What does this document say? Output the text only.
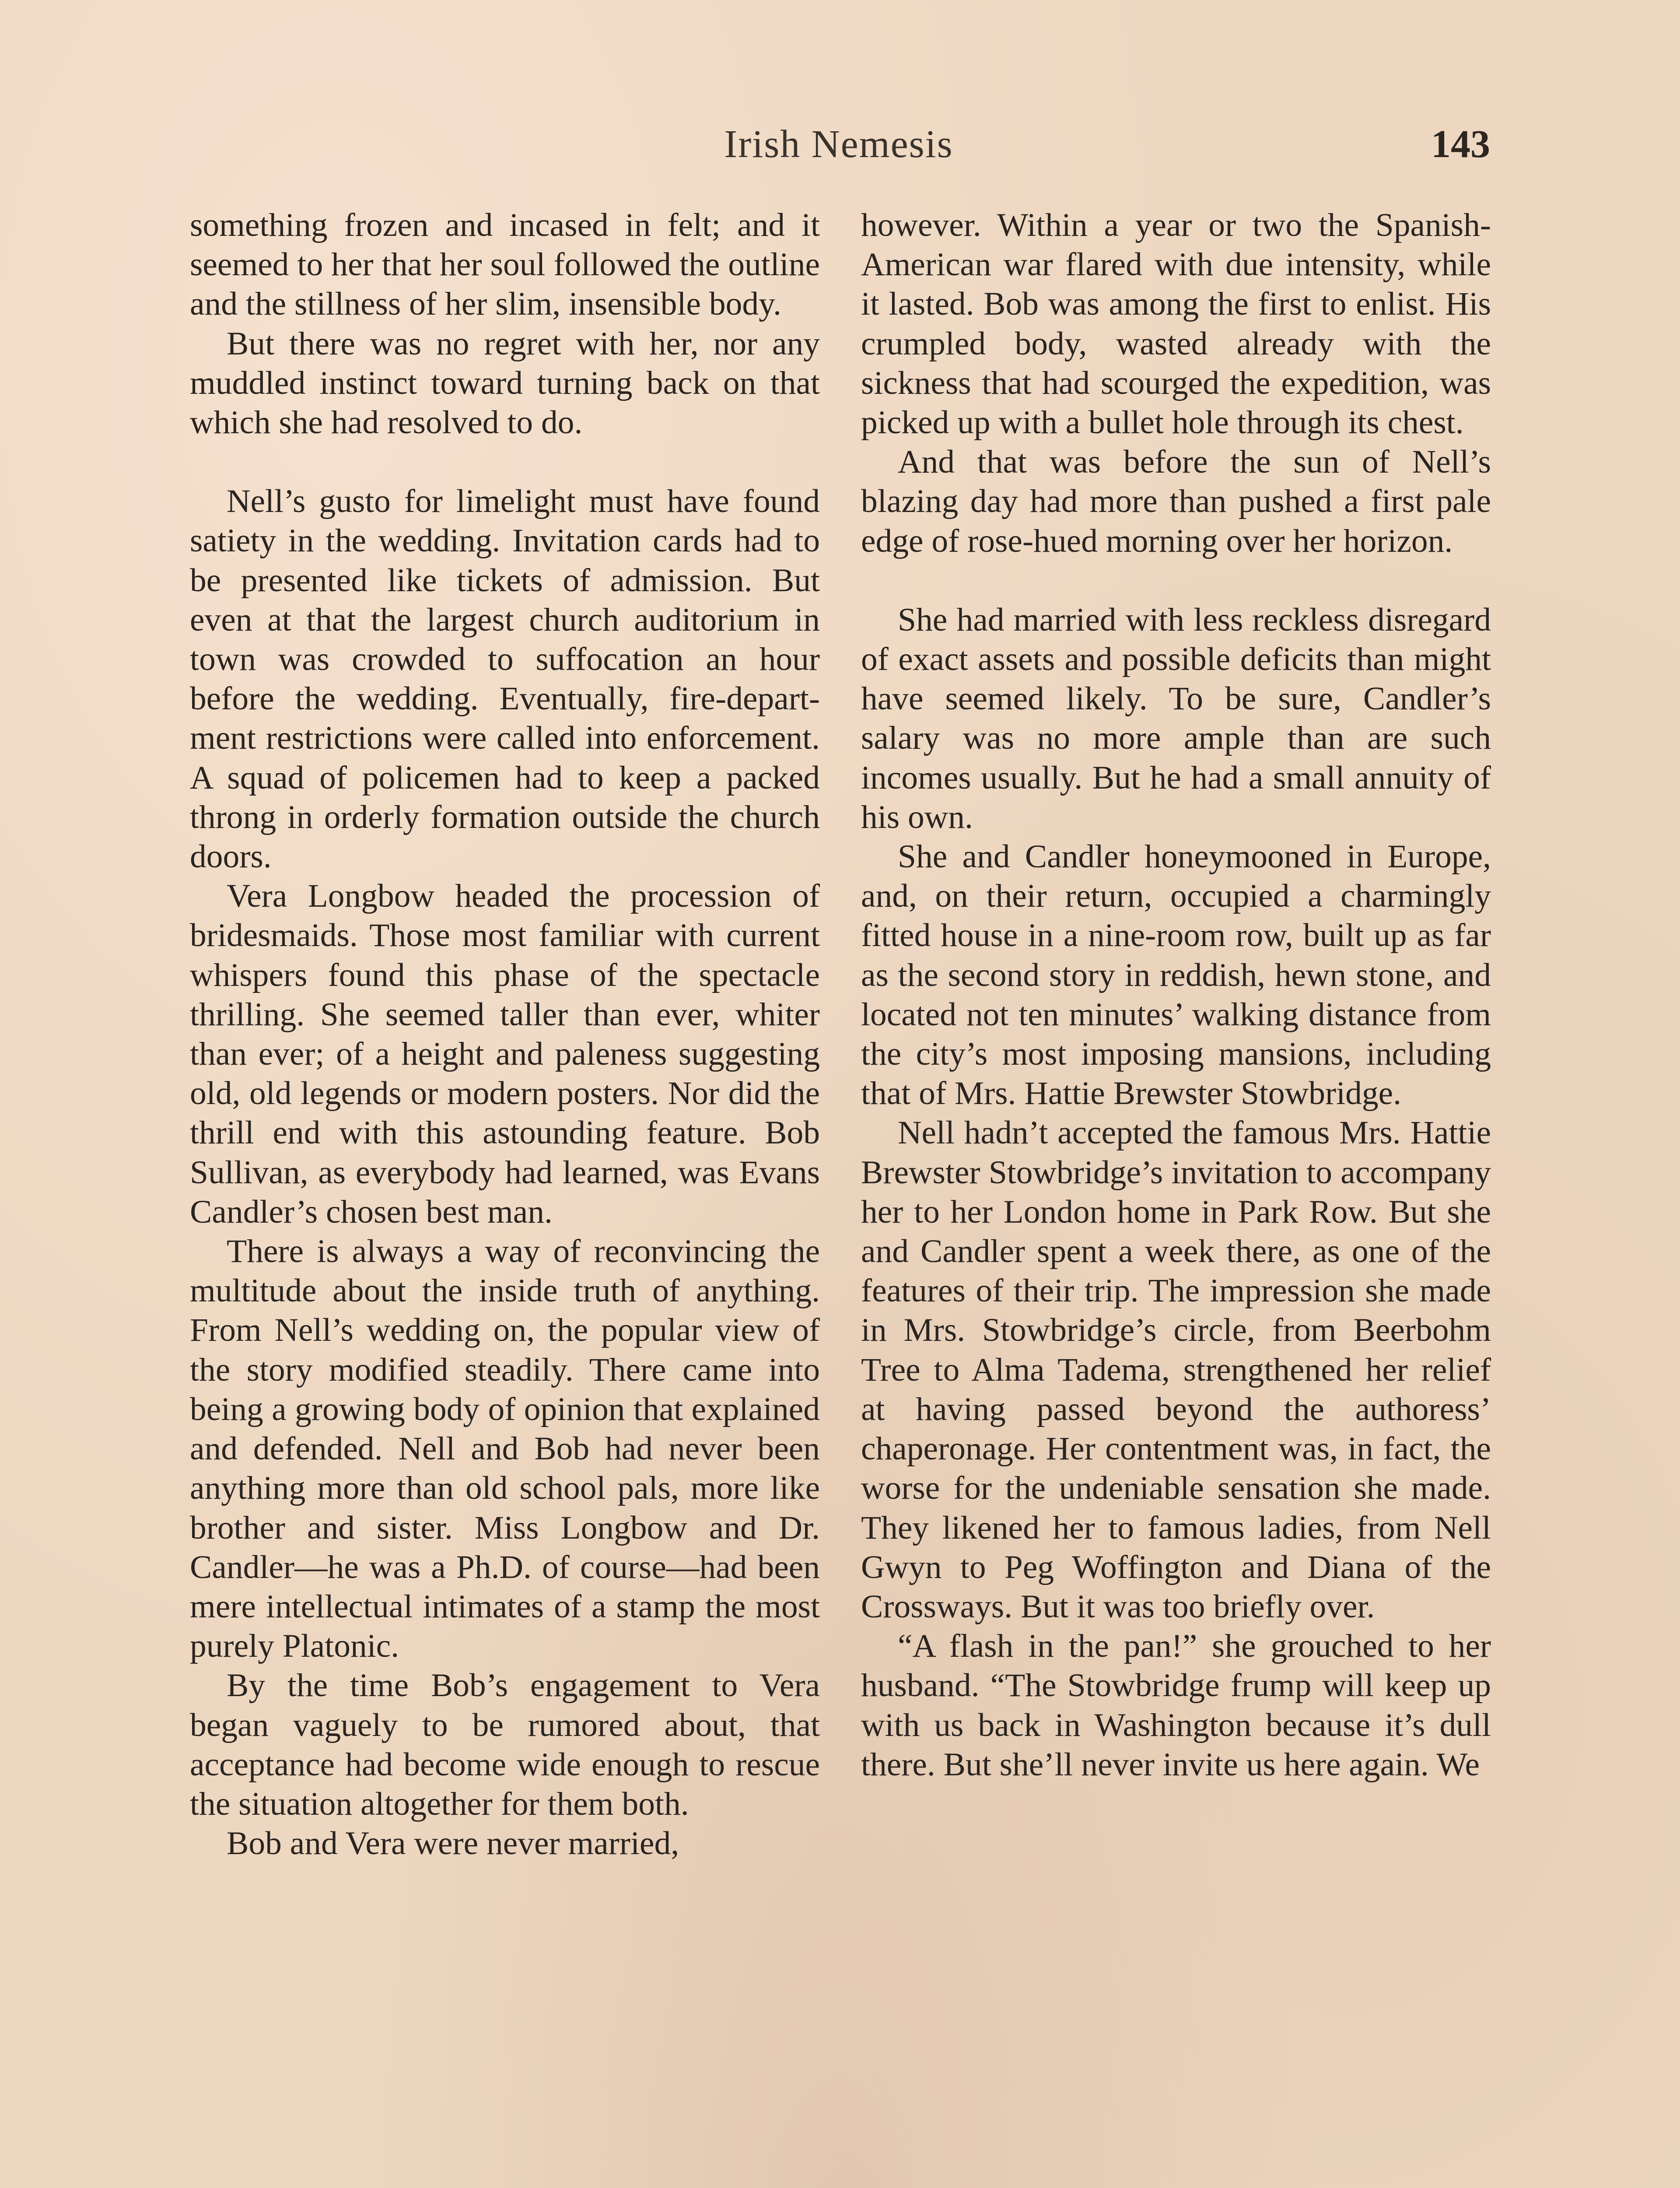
Irish Nemesis	143

something frozen and incased in felt; and it seemed to her that her soul followed the outline and the stillness of her slim, insensible body.

But there was no regret with her, nor any muddled instinct toward turning back on that which she had resolved to do.

Nell’s gusto for limelight must have found satiety in the wedding. Invitation cards had to be presented like tickets of admission. But even at that the largest church auditorium in town was crowded to suffocation an hour before the wedding. Eventually, fire-department restrictions were called into enforcement. A squad of policemen had to keep a packed throng in orderly formation outside the church doors.

Vera Longbow headed the procession of bridesmaids. Those most familiar with current whispers found this phase of the spectacle thrilling. She seemed taller than ever, whiter than ever; of a height and paleness suggesting old, old legends or modern posters. Nor did the thrill end with this astounding feature. Bob Sullivan, as everybody had learned, was Evans Candler’s chosen best man.

There is always a way of reconvincing the multitude about the inside truth of anything. From Nell’s wedding on, the popular view of the story modified steadily. There came into being a growing body of opinion that explained and defended. Nell and Bob had never been anything more than old school pals, more like brother and sister. Miss Longbow and Dr. Candler—he was a Ph.D. of course—had been mere intellectual intimates of a stamp the most purely Platonic.

By the time Bob’s engagement to Vera began vaguely to be rumored about, that acceptance had become wide enough to rescue the situation altogether for them both.

Bob and Vera were never married,

however. Within a year or two the Spanish-American war flared with due intensity, while it lasted. Bob was among the first to enlist. His crumpled body, wasted already with the sickness that had scourged the expedition, was picked up with a bullet hole through its chest.

And that was before the sun of Nell’s blazing day had more than pushed a first pale edge of rose-hued morning over her horizon.

She had married with less reckless disregard of exact assets and possible deficits than might have seemed likely. To be sure, Candler’s salary was no more ample than are such incomes usually. But he had a small annuity of his own.

She and Candler honeymooned in Europe, and, on their return, occupied a charmingly fitted house in a nine-room row, built up as far as the second story in reddish, hewn stone, and located not ten minutes’ walking distance from the city’s most imposing mansions, including that of Mrs. Hattie Brewster Stowbridge.

Nell hadn’t accepted the famous Mrs. Hattie Brewster Stowbridge’s invitation to accompany her to her London home in Park Row. But she and Candler spent a week there, as one of the features of their trip. The impression she made in Mrs. Stowbridge’s circle, from Beerbohm Tree to Alma Tadema, strengthened her relief at having passed beyond the authoress’ chaperonage. Her contentment was, in fact, the worse for the undeniable sensation she made. They likened her to famous ladies, from Nell Gwyn to Peg Woffington and Diana of the Crossways. But it was too briefly over.

“A flash in the pan!” she grouched to her husband. “The Stowbridge frump will keep up with us back in Washington because it’s dull there. But she’ll never invite us here again. We
